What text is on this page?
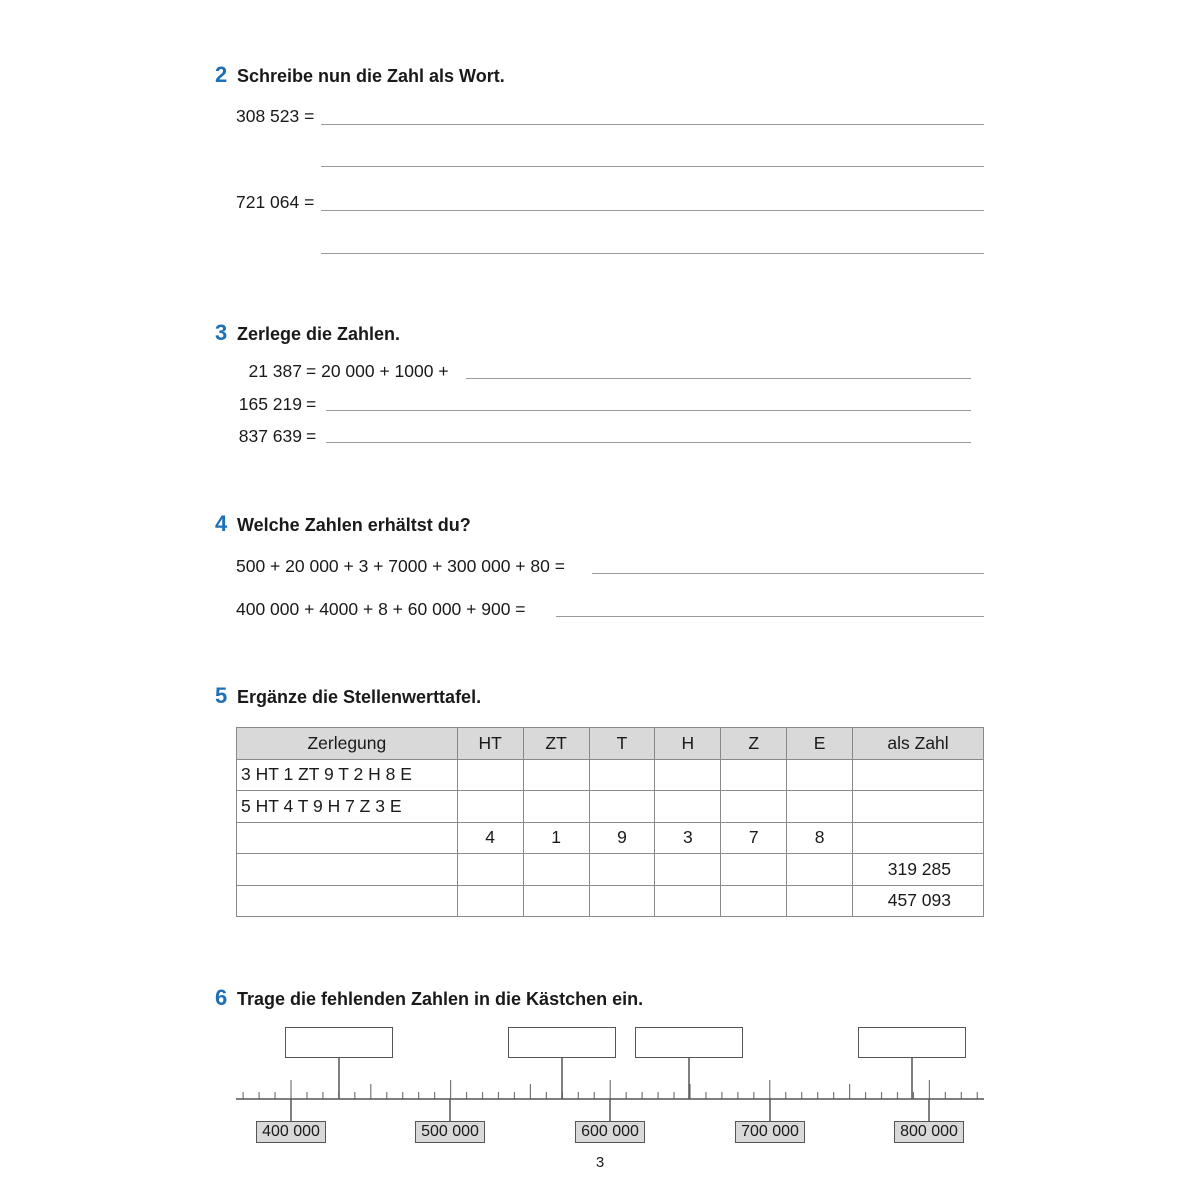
2 Schreibe nun die Zahl als Wort.
308 523 =
721 064 =
3 Zerlege die Zahlen.
21 387 = 20 000 + 1000 +
165 219 =
837 639 =
4 Welche Zahlen erhältst du?
500 + 20 000 + 3 + 7000 + 300 000 + 80 =
400 000 + 4000 + 8 + 60 000 + 900 =
5 Ergänze die Stellenwerttafel.
Zerlegung	HT	ZT	T	H	Z	E	als Zahl
3 HT 1 ZT 9 T 2 H 8 E							
5 HT 4 T 9 H 7 Z 3 E							
	4	1	9	3	7	8	
							319 285
							457 093
6 Trage die fehlenden Zahlen in die Kästchen ein.
400 000	500 000	600 000	700 000	800 000
3
